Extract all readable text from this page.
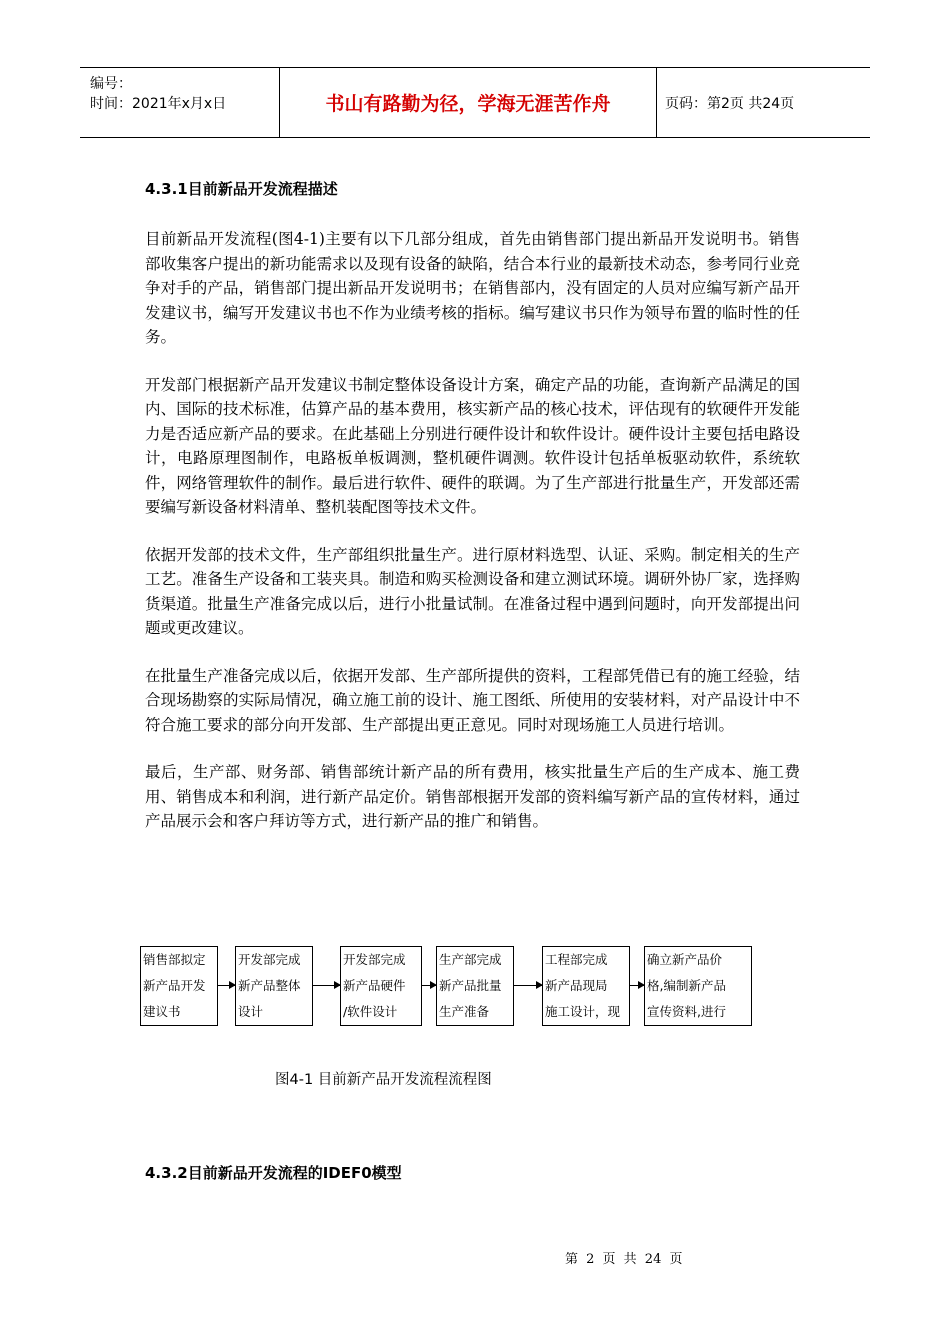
编号：
时间：2021年x月x日	书山有路勤为径，学海无涯苦作舟	页码：第2页 共24页
4.3.1目前新品开发流程描述

目前新品开发流程(图4-1)主要有以下几部分组成，首先由销售部门提出新品开发说明书。销售部收集客户提出的新功能需求以及现有设备的缺陷，结合本行业的最新技术动态，参考同行业竞争对手的产品，销售部门提出新品开发说明书；在销售部内，没有固定的人员对应编写新产品开发建议书，编写开发建议书也不作为业绩考核的指标。编写建议书只作为领导布置的临时性的任务。

开发部门根据新产品开发建议书制定整体设备设计方案，确定产品的功能，查询新产品满足的国内、国际的技术标准，估算产品的基本费用，核实新产品的核心技术，评估现有的软硬件开发能力是否适应新产品的要求。在此基础上分别进行硬件设计和软件设计。硬件设计主要包括电路设计，电路原理图制作，电路板单板调测，整机硬件调测。软件设计包括单板驱动软件，系统软件，网络管理软件的制作。最后进行软件、硬件的联调。为了生产部进行批量生产，开发部还需要编写新设备材料清单、整机装配图等技术文件。

依据开发部的技术文件，生产部组织批量生产。进行原材料选型、认证、采购。制定相关的生产工艺。准备生产设备和工装夹具。制造和购买检测设备和建立测试环境。调研外协厂家，选择购货渠道。批量生产准备完成以后，进行小批量试制。在准备过程中遇到问题时，向开发部提出问题或更改建议。

在批量生产准备完成以后，依据开发部、生产部所提供的资料，工程部凭借已有的施工经验，结合现场勘察的实际局情况，确立施工前的设计、施工图纸、所使用的安装材料，对产品设计中不符合施工要求的部分向开发部、生产部提出更正意见。同时对现场施工人员进行培训。

最后，生产部、财务部、销售部统计新产品的所有费用，核实批量生产后的生产成本、施工费用、销售成本和利润，进行新产品定价。销售部根据开发部的资料编写新产品的宣传材料，通过产品展示会和客户拜访等方式，进行新产品的推广和销售。

销售部拟定
新产品开发
建议书
开发部完成
新产品整体
设计
开发部完成
新产品硬件
/软件设计
生产部完成
新产品批量
生产准备
工程部完成
新产品现局
施工设计，现
确立新产品价
格,编制新产品
宣传资料,进行
图4-1 目前新产品开发流程流程图
4.3.2目前新品开发流程的IDEF0模型
第 2 页 共 24 页
